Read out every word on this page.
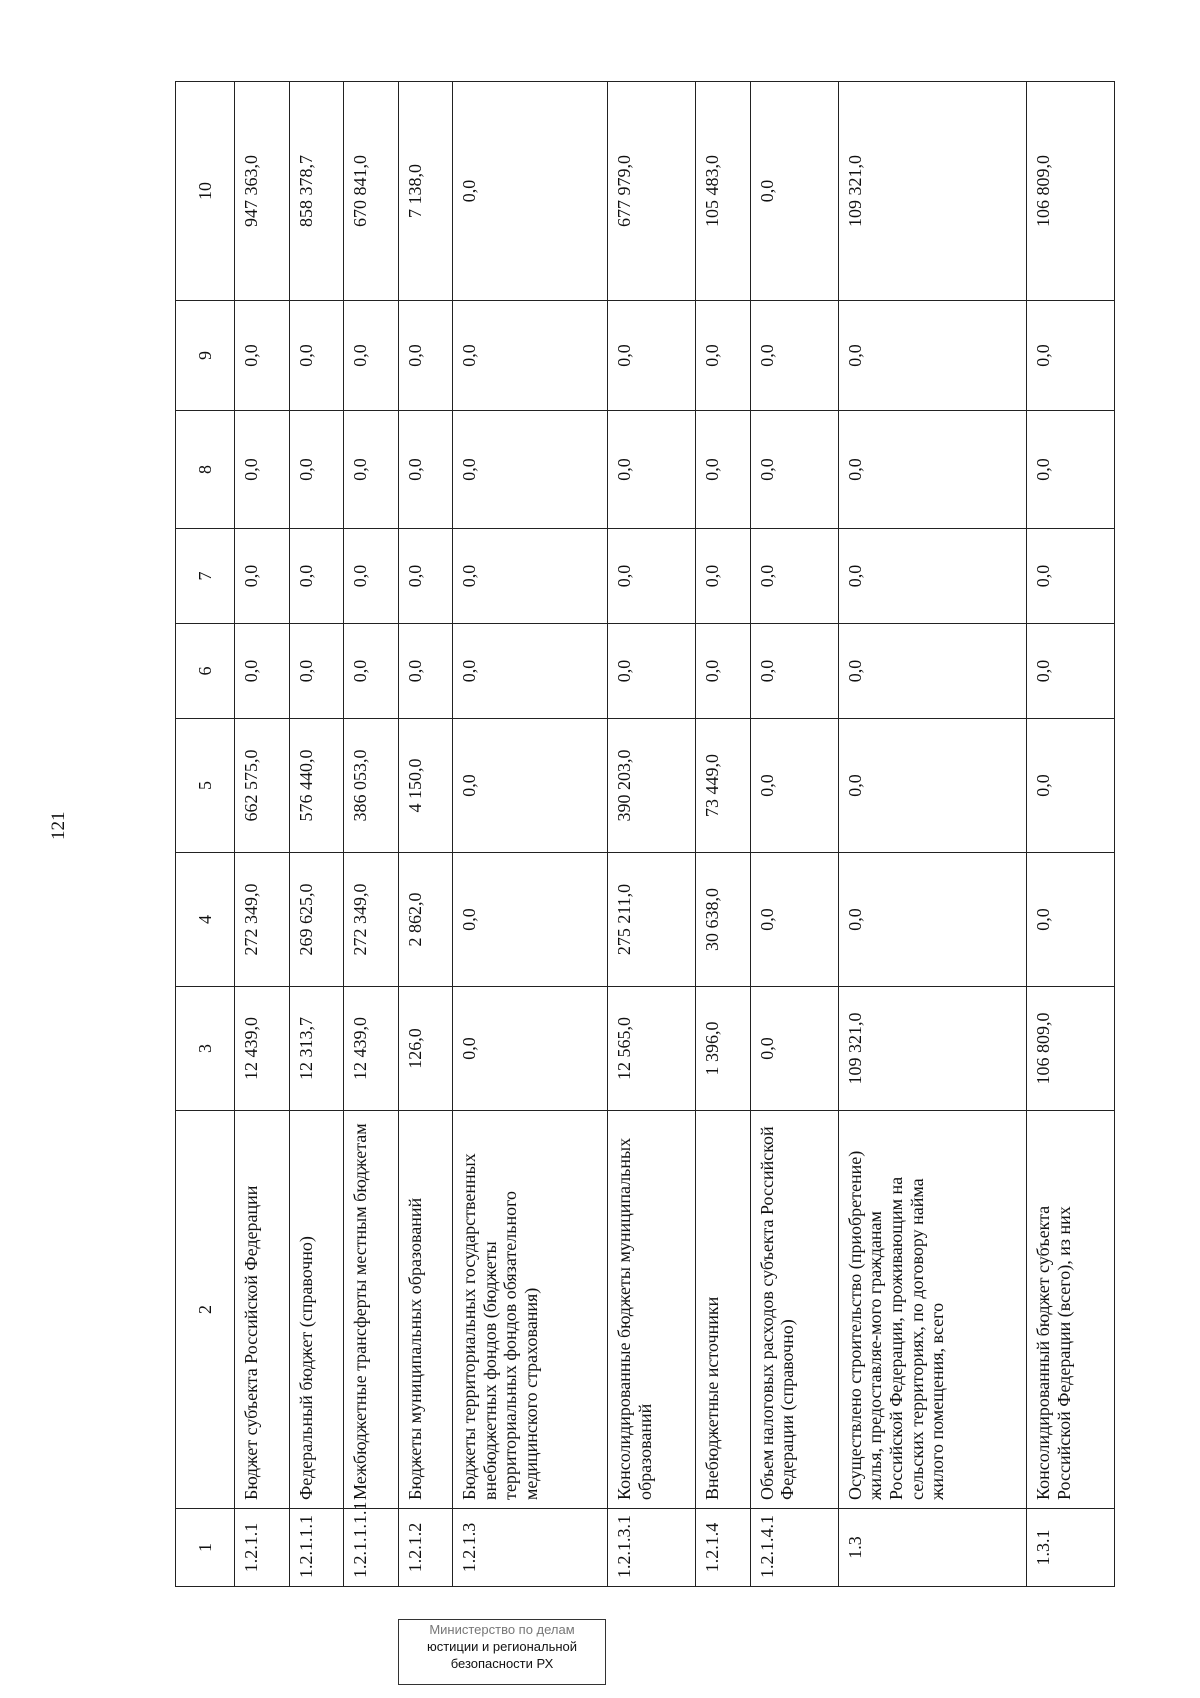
121
1	2	3	4	5	6	7	8	9	10
1.2.1.1	Бюджет субъекта Российской Федерации	12 439,0	272 349,0	662 575,0	0,0	0,0	0,0	0,0	947 363,0
1.2.1.1.1	Федеральный бюджет (справочно)	12 313,7	269 625,0	576 440,0	0,0	0,0	0,0	0,0	858 378,7
1.2.1.1.1.1	Межбюджетные трансферты местным бюджетам	12 439,0	272 349,0	386 053,0	0,0	0,0	0,0	0,0	670 841,0
1.2.1.2	Бюджеты муниципальных образований	126,0	2 862,0	4 150,0	0,0	0,0	0,0	0,0	7 138,0
1.2.1.3	Бюджеты территориальных государственных внебюджетных фондов (бюджеты территориальных фондов обязательного медицинского страхования)	0,0	0,0	0,0	0,0	0,0	0,0	0,0	0,0
1.2.1.3.1	Консолидированные бюджеты муниципальных образований	12 565,0	275 211,0	390 203,0	0,0	0,0	0,0	0,0	677 979,0
1.2.1.4	Внебюджетные источники	1 396,0	30 638,0	73 449,0	0,0	0,0	0,0	0,0	105 483,0
1.2.1.4.1	Объем налоговых расходов субъекта Российской Федерации (справочно)	0,0	0,0	0,0	0,0	0,0	0,0	0,0	0,0
1.3	Осуществлено строительство (приобретение) жилья, предоставляе-мого гражданам Российской Федерации, проживающим на сельских территориях, по договору найма жилого помещения, всего	109 321,0	0,0	0,0	0,0	0,0	0,0	0,0	109 321,0
1.3.1	Консолидированный бюджет субъекта Российской Федерации (всего), из них	106 809,0	0,0	0,0	0,0	0,0	0,0	0,0	106 809,0
Министерство по делам
юстиции и региональной
безопасности РХ
